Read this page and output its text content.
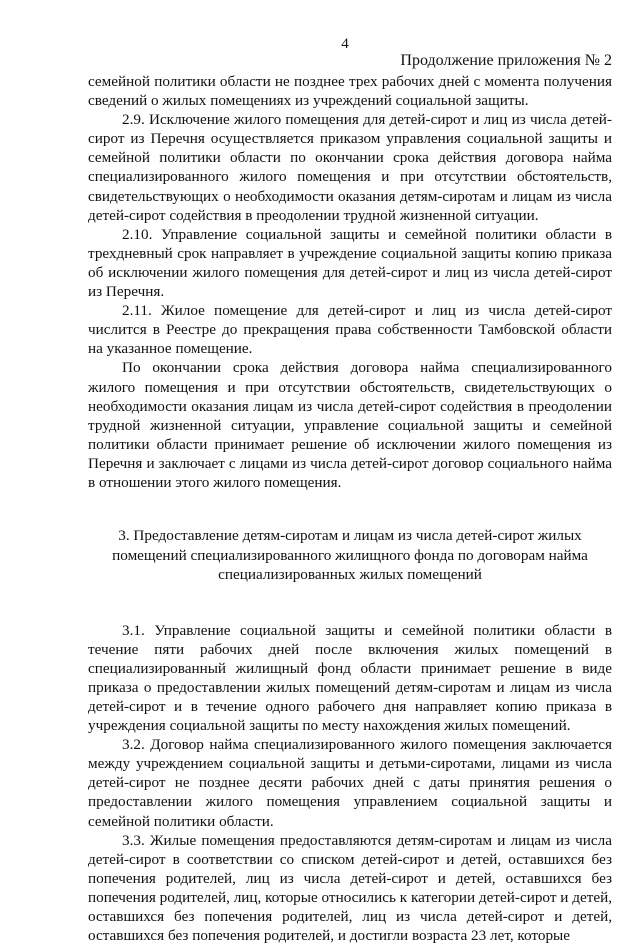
4
Продолжение приложения № 2

семейной политики области не позднее трех рабочих дней с момента получения сведений о жилых помещениях из учреждений социальной защиты.

2.9. Исключение жилого помещения для детей-сирот и лиц из числа детей-сирот из Перечня осуществляется приказом управления социальной защиты и семейной политики области по окончании срока действия договора найма специализированного жилого помещения и при отсутствии обстоятельств, свидетельствующих о необходимости оказания детям-сиротам и лицам из числа детей-сирот содействия в преодолении трудной жизненной ситуации.

2.10. Управление социальной защиты и семейной политики области в трехдневный срок направляет в учреждение социальной защиты копию приказа об исключении жилого помещения для детей-сирот и лиц из числа детей-сирот из Перечня.

2.11. Жилое помещение для детей-сирот и лиц из числа детей-сирот числится в Реестре до прекращения права собственности Тамбовской области на указанное помещение.

По окончании срока действия договора найма специализированного жилого помещения и при отсутствии обстоятельств, свидетельствующих о необходимости оказания лицам из числа детей-сирот содействия в преодолении трудной жизненной ситуации, управление социальной защиты и семейной политики области принимает решение об исключении жилого помещения из Перечня и заключает с лицами из числа детей-сирот договор социального найма в отношении этого жилого помещения.

3. Предоставление детям-сиротам и лицам из числа детей-сирот жилых помещений специализированного жилищного фонда по договорам найма специализированных жилых помещений

3.1. Управление социальной защиты и семейной политики области в течение пяти рабочих дней после включения жилых помещений в специализированный жилищный фонд области принимает решение в виде приказа о предоставлении жилых помещений детям-сиротам и лицам из числа детей-сирот и в течение одного рабочего дня направляет копию приказа в учреждения социальной защиты по месту нахождения жилых помещений.

3.2. Договор найма специализированного жилого помещения заключается между учреждением социальной защиты и детьми-сиротами, лицами из числа детей-сирот не позднее десяти рабочих дней с даты принятия решения о предоставлении жилого помещения управлением социальной защиты и семейной политики области.

3.3. Жилые помещения предоставляются детям-сиротам и лицам из числа детей-сирот в соответствии со списком детей-сирот и детей, оставшихся без попечения родителей, лиц из числа детей-сирот и детей, оставшихся без попечения родителей, лиц, которые относились к категории детей-сирот и детей, оставшихся без попечения родителей, лиц из числа детей-сирот и детей, оставшихся без попечения родителей, и достигли возраста 23 лет, которые
